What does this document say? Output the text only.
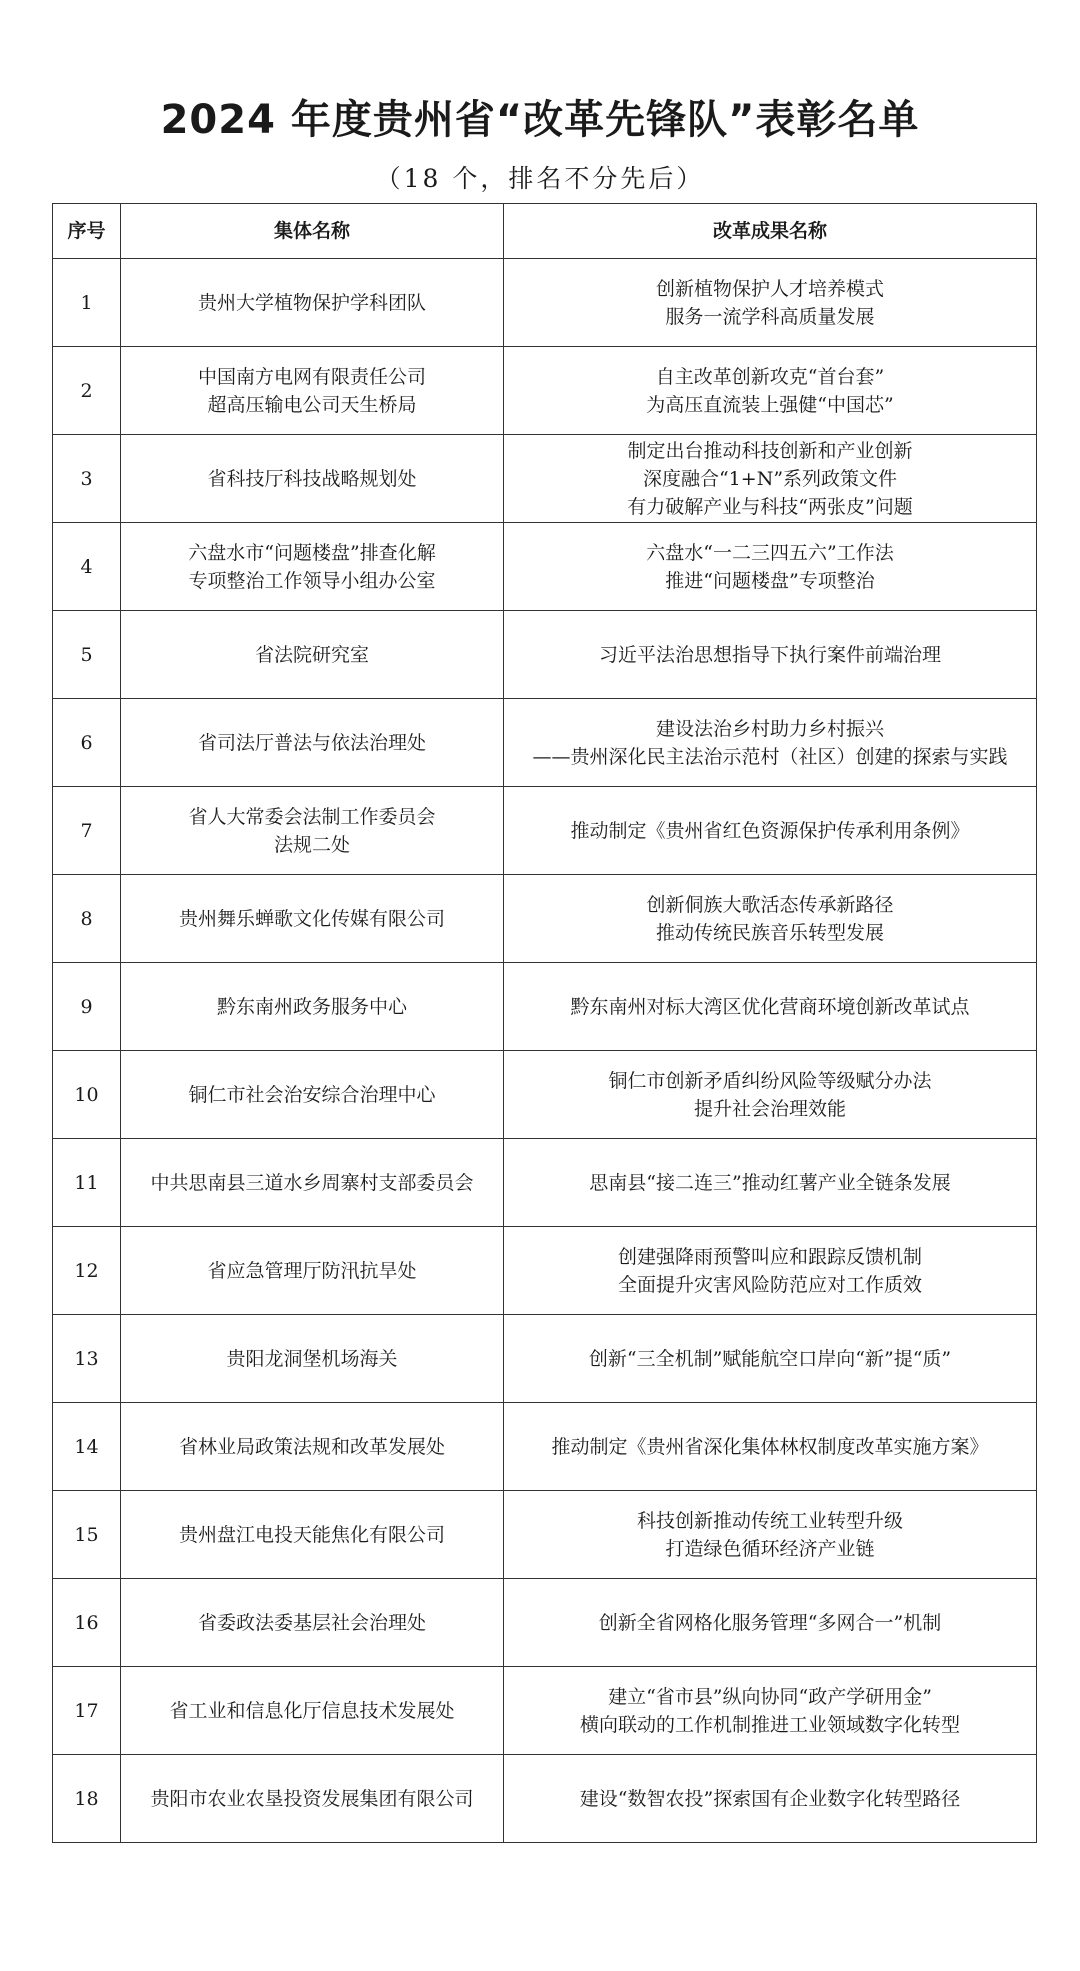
2024 年度贵州省“改革先锋队”表彰名单
（18 个，排名不分先后）
序号	集体名称	改革成果名称
1	贵州大学植物保护学科团队	创新植物保护人才培养模式
服务一流学科高质量发展

2	中国南方电网有限责任公司
超高压输电公司天生桥局	自主改革创新攻克“首台套”
为高压直流装上强健“中国芯”

3	省科技厅科技战略规划处	制定出台推动科技创新和产业创新
深度融合“1+N”系列政策文件
有力破解产业与科技“两张皮”问题

4	六盘水市“问题楼盘”排查化解
专项整治工作领导小组办公室	六盘水“一二三四五六”工作法
推进“问题楼盘”专项整治

5	省法院研究室	习近平法治思想指导下执行案件前端治理

6	省司法厅普法与依法治理处	建设法治乡村助力乡村振兴
——贵州深化民主法治示范村（社区）创建的探索与实践

7	省人大常委会法制工作委员会
法规二处	推动制定《贵州省红色资源保护传承利用条例》

8	贵州舞乐蝉歌文化传媒有限公司	创新侗族大歌活态传承新路径
推动传统民族音乐转型发展

9	黔东南州政务服务中心	黔东南州对标大湾区优化营商环境创新改革试点

10	铜仁市社会治安综合治理中心	铜仁市创新矛盾纠纷风险等级赋分办法
提升社会治理效能

11	中共思南县三道水乡周寨村支部委员会	思南县“接二连三”推动红薯产业全链条发展

12	省应急管理厅防汛抗旱处	创建强降雨预警叫应和跟踪反馈机制
全面提升灾害风险防范应对工作质效

13	贵阳龙洞堡机场海关	创新“三全机制”赋能航空口岸向“新”提“质”

14	省林业局政策法规和改革发展处	推动制定《贵州省深化集体林权制度改革实施方案》

15	贵州盘江电投天能焦化有限公司	科技创新推动传统工业转型升级
打造绿色循环经济产业链

16	省委政法委基层社会治理处	创新全省网格化服务管理“多网合一”机制

17	省工业和信息化厅信息技术发展处	建立“省市县”纵向协同“政产学研用金”
横向联动的工作机制推进工业领域数字化转型

18	贵阳市农业农垦投资发展集团有限公司	建设“数智农投”探索国有企业数字化转型路径
